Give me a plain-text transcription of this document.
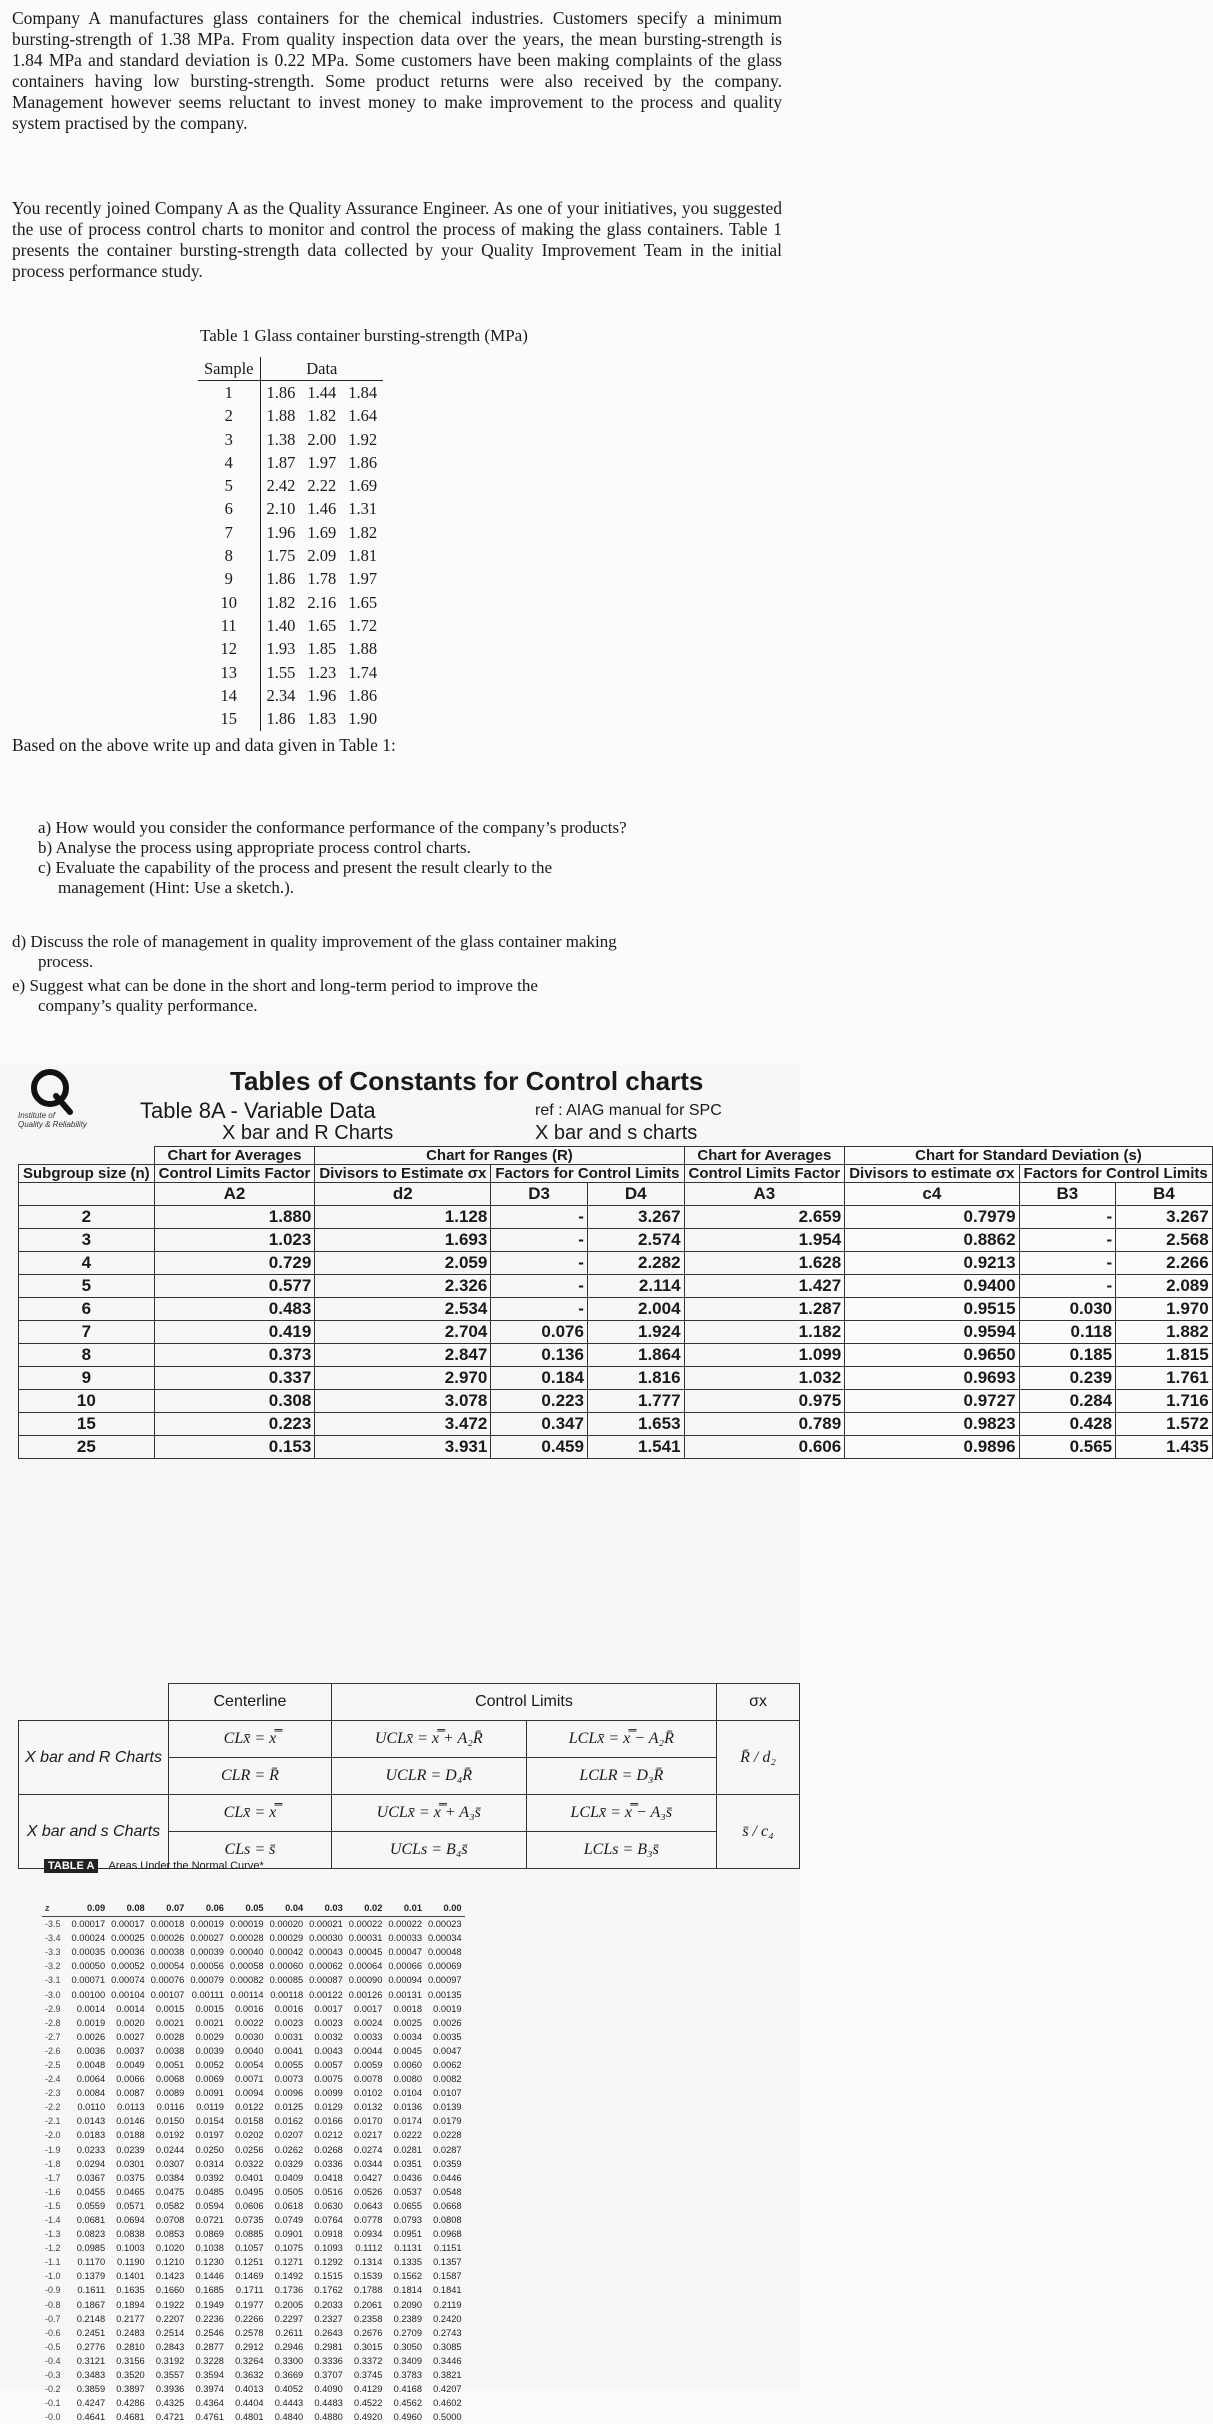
Company A manufactures glass containers for the chemical industries. Customers specify a minimum bursting-strength of 1.38 MPa. From quality inspection data over the years, the mean bursting-strength is 1.84 MPa and standard deviation is 0.22 MPa. Some customers have been making complaints of the glass containers having low bursting-strength. Some product returns were also received by the company. Management however seems reluctant to invest money to make improvement to the process and quality system practised by the company.
You recently joined Company A as the Quality Assurance Engineer. As one of your initiatives, you suggested the use of process control charts to monitor and control the process of making the glass containers. Table 1 presents the container bursting-strength data collected by your Quality Improvement Team in the initial process performance study.
Table 1 Glass container bursting-strength (MPa)
Sample	Data		
1	1.86	1.44	1.84
2	1.88	1.82	1.64
3	1.38	2.00	1.92
4	1.87	1.97	1.86
5	2.42	2.22	1.69
6	2.10	1.46	1.31
7	1.96	1.69	1.82
8	1.75	2.09	1.81
9	1.86	1.78	1.97
10	1.82	2.16	1.65
11	1.40	1.65	1.72
12	1.93	1.85	1.88
13	1.55	1.23	1.74
14	2.34	1.96	1.86
15	1.86	1.83	1.90
Based on the above write up and data given in Table 1:
a) How would you consider the conformance performance of the company’s products?
b) Analyse the process using appropriate process control charts.
c) Evaluate the capability of the process and present the result clearly to the
management (Hint: Use a sketch.).
d) Discuss the role of management in quality improvement of the glass container making
process.
e) Suggest what can be done in the short and long-term period to improve the
company’s quality performance.
Institute of
Quality & Reliability
Tables of Constants for Control charts
Table 8A - Variable Data
X bar and R Charts
ref : AIAG manual for SPC
X bar and s charts
	Chart for Averages	Chart for Ranges (R)			Chart for Averages	Chart for Standard Deviation (s)		
Subgroup size (n)	Control Limits Factor	Divisors to Estimate σx	Factors for Control Limits		Control Limits Factor	Divisors to estimate σx	Factors for Control Limits	
	A2	d2	D3	D4	A3	c4	B3	B4
2	1.880	1.128	-	3.267	2.659	0.7979	-	3.267
3	1.023	1.693	-	2.574	1.954	0.8862	-	2.568
4	0.729	2.059	-	2.282	1.628	0.9213	-	2.266
5	0.577	2.326	-	2.114	1.427	0.9400	-	2.089
6	0.483	2.534	-	2.004	1.287	0.9515	0.030	1.970
7	0.419	2.704	0.076	1.924	1.182	0.9594	0.118	1.882
8	0.373	2.847	0.136	1.864	1.099	0.9650	0.185	1.815
9	0.337	2.970	0.184	1.816	1.032	0.9693	0.239	1.761
10	0.308	3.078	0.223	1.777	0.975	0.9727	0.284	1.716
15	0.223	3.472	0.347	1.653	0.789	0.9823	0.428	1.572
25	0.153	3.931	0.459	1.541	0.606	0.9896	0.565	1.435
	Centerline	Control Limits		σx
X bar and R Charts	CLx̄ = x̿	UCLx̄ = x̿ + A₂R̄	LCLx̄ = x̿ − A₂R̄	R̄ / d₂
	CLR = R̄	UCLR = D₄R̄	LCLR = D₃R̄	
X bar and s Charts	CLx̄ = x̿	UCLx̄ = x̿ + A₃s̄	LCLx̄ = x̿ − A₃s̄	s̄ / c₄
	CLs = s̄	UCLs = B₄s̄	LCLs = B₃s̄	
TABLE A Areas Under the Normal Curve*
z	0.09	0.08	0.07	0.06	0.05	0.04	0.03	0.02	0.01	0.00
-3.5	0.00017	0.00017	0.00018	0.00019	0.00019	0.00020	0.00021	0.00022	0.00022	0.00023
-3.4	0.00024	0.00025	0.00026	0.00027	0.00028	0.00029	0.00030	0.00031	0.00033	0.00034
-3.3	0.00035	0.00036	0.00038	0.00039	0.00040	0.00042	0.00043	0.00045	0.00047	0.00048
-3.2	0.00050	0.00052	0.00054	0.00056	0.00058	0.00060	0.00062	0.00064	0.00066	0.00069
-3.1	0.00071	0.00074	0.00076	0.00079	0.00082	0.00085	0.00087	0.00090	0.00094	0.00097
-3.0	0.00100	0.00104	0.00107	0.00111	0.00114	0.00118	0.00122	0.00126	0.00131	0.00135
-2.9	0.0014	0.0014	0.0015	0.0015	0.0016	0.0016	0.0017	0.0017	0.0018	0.0019
-2.8	0.0019	0.0020	0.0021	0.0021	0.0022	0.0023	0.0023	0.0024	0.0025	0.0026
-2.7	0.0026	0.0027	0.0028	0.0029	0.0030	0.0031	0.0032	0.0033	0.0034	0.0035
-2.6	0.0036	0.0037	0.0038	0.0039	0.0040	0.0041	0.0043	0.0044	0.0045	0.0047
-2.5	0.0048	0.0049	0.0051	0.0052	0.0054	0.0055	0.0057	0.0059	0.0060	0.0062
-2.4	0.0064	0.0066	0.0068	0.0069	0.0071	0.0073	0.0075	0.0078	0.0080	0.0082
-2.3	0.0084	0.0087	0.0089	0.0091	0.0094	0.0096	0.0099	0.0102	0.0104	0.0107
-2.2	0.0110	0.0113	0.0116	0.0119	0.0122	0.0125	0.0129	0.0132	0.0136	0.0139
-2.1	0.0143	0.0146	0.0150	0.0154	0.0158	0.0162	0.0166	0.0170	0.0174	0.0179
-2.0	0.0183	0.0188	0.0192	0.0197	0.0202	0.0207	0.0212	0.0217	0.0222	0.0228
-1.9	0.0233	0.0239	0.0244	0.0250	0.0256	0.0262	0.0268	0.0274	0.0281	0.0287
-1.8	0.0294	0.0301	0.0307	0.0314	0.0322	0.0329	0.0336	0.0344	0.0351	0.0359
-1.7	0.0367	0.0375	0.0384	0.0392	0.0401	0.0409	0.0418	0.0427	0.0436	0.0446
-1.6	0.0455	0.0465	0.0475	0.0485	0.0495	0.0505	0.0516	0.0526	0.0537	0.0548
-1.5	0.0559	0.0571	0.0582	0.0594	0.0606	0.0618	0.0630	0.0643	0.0655	0.0668
-1.4	0.0681	0.0694	0.0708	0.0721	0.0735	0.0749	0.0764	0.0778	0.0793	0.0808
-1.3	0.0823	0.0838	0.0853	0.0869	0.0885	0.0901	0.0918	0.0934	0.0951	0.0968
-1.2	0.0985	0.1003	0.1020	0.1038	0.1057	0.1075	0.1093	0.1112	0.1131	0.1151
-1.1	0.1170	0.1190	0.1210	0.1230	0.1251	0.1271	0.1292	0.1314	0.1335	0.1357
-1.0	0.1379	0.1401	0.1423	0.1446	0.1469	0.1492	0.1515	0.1539	0.1562	0.1587
-0.9	0.1611	0.1635	0.1660	0.1685	0.1711	0.1736	0.1762	0.1788	0.1814	0.1841
-0.8	0.1867	0.1894	0.1922	0.1949	0.1977	0.2005	0.2033	0.2061	0.2090	0.2119
-0.7	0.2148	0.2177	0.2207	0.2236	0.2266	0.2297	0.2327	0.2358	0.2389	0.2420
-0.6	0.2451	0.2483	0.2514	0.2546	0.2578	0.2611	0.2643	0.2676	0.2709	0.2743
-0.5	0.2776	0.2810	0.2843	0.2877	0.2912	0.2946	0.2981	0.3015	0.3050	0.3085
-0.4	0.3121	0.3156	0.3192	0.3228	0.3264	0.3300	0.3336	0.3372	0.3409	0.3446
-0.3	0.3483	0.3520	0.3557	0.3594	0.3632	0.3669	0.3707	0.3745	0.3783	0.3821
-0.2	0.3859	0.3897	0.3936	0.3974	0.4013	0.4052	0.4090	0.4129	0.4168	0.4207
-0.1	0.4247	0.4286	0.4325	0.4364	0.4404	0.4443	0.4483	0.4522	0.4562	0.4602
-0.0	0.4641	0.4681	0.4721	0.4761	0.4801	0.4840	0.4880	0.4920	0.4960	0.5000
